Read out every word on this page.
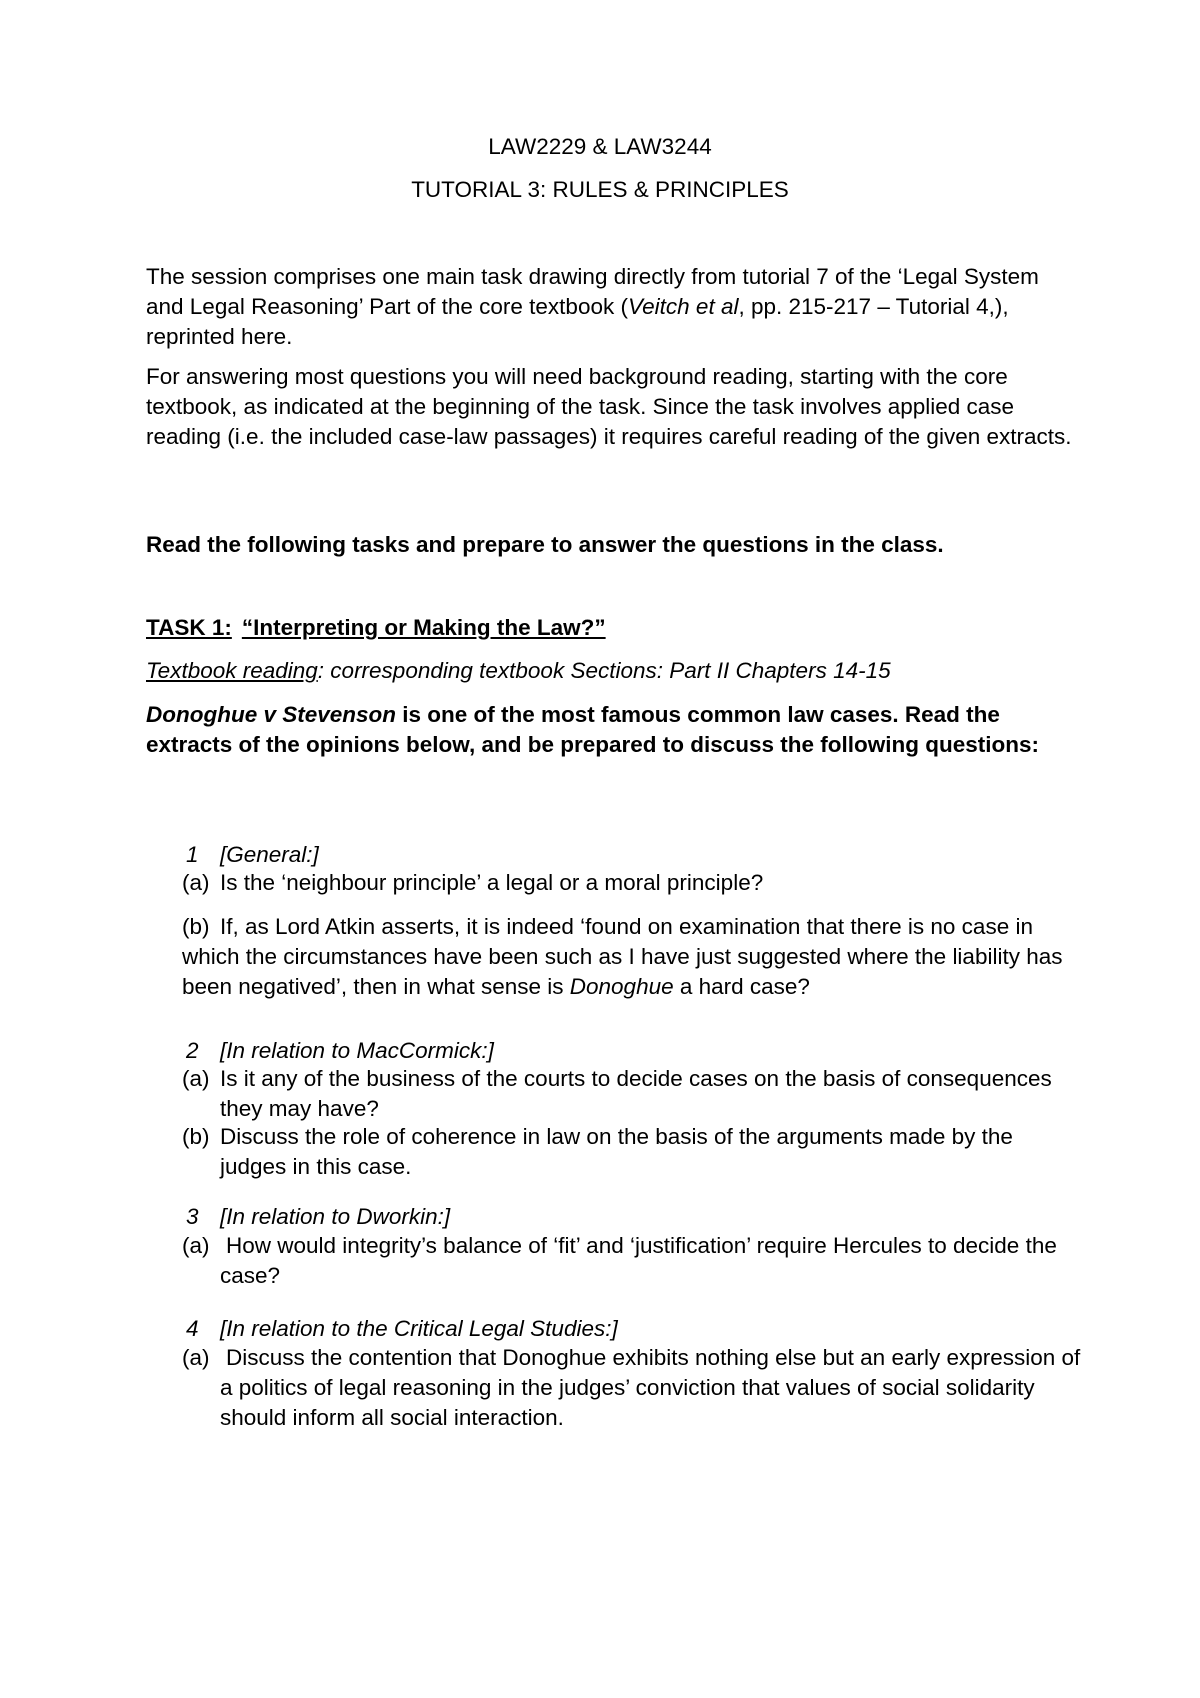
LAW2229 & LAW3244

TUTORIAL 3: RULES & PRINCIPLES

The session comprises one main task drawing directly from tutorial 7 of the ‘Legal System and Legal Reasoning’ Part of the core textbook (Veitch et al, pp. 215-217 – Tutorial 4,), reprinted here.

For answering most questions you will need background reading, starting with the core textbook, as indicated at the beginning of the task. Since the task involves applied case reading (i.e. the included case-law passages) it requires careful reading of the given extracts.

Read the following tasks and prepare to answer the questions in the class.

TASK 1: “Interpreting or Making the Law?”

Textbook reading: corresponding textbook Sections: Part II Chapters 14-15

Donoghue v Stevenson is one of the most famous common law cases. Read the extracts of the opinions below, and be prepared to discuss the following questions:

1 [General:]
(a) Is the ‘neighbour principle’ a legal or a moral principle?
(b) If, as Lord Atkin asserts, it is indeed ‘found on examination that there is no case in which the circumstances have been such as I have just suggested where the liability has been negatived’, then in what sense is Donoghue a hard case?
2 [In relation to MacCormick:]
(a) Is it any of the business of the courts to decide cases on the basis of consequences they may have?
(b) Discuss the role of coherence in law on the basis of the arguments made by the judges in this case.
3 [In relation to Dworkin:]
(a) How would integrity’s balance of ‘fit’ and ‘justification’ require Hercules to decide the case?
4 [In relation to the Critical Legal Studies:]
(a) Discuss the contention that Donoghue exhibits nothing else but an early expression of a politics of legal reasoning in the judges’ conviction that values of social solidarity should inform all social interaction.
